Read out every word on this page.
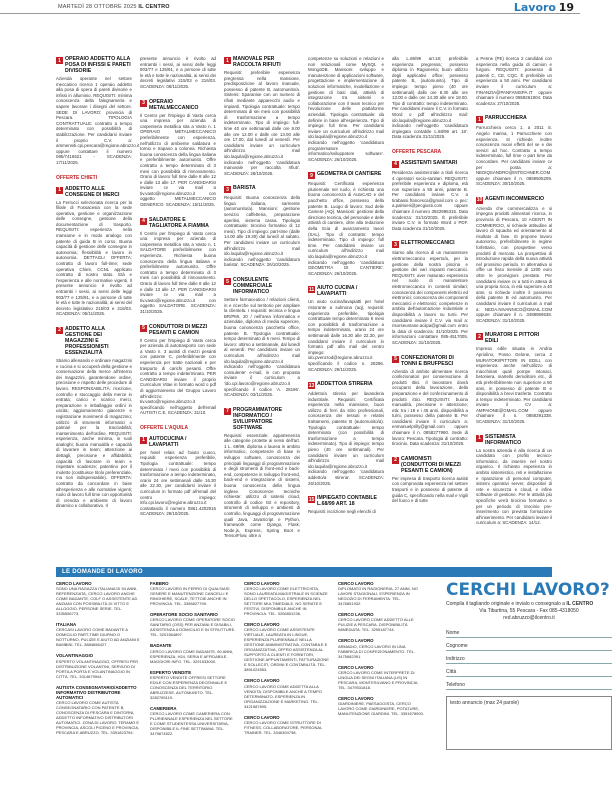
MARTEDÌ 28 OTTOBRE 2025 IL CENTRO	Lavoro 19
1 OPERAIO ADDETTO ALLA POSA DI INFISSI E PARETI DIVISORIE
Azienda operante nel settore meccanico ricerca 1 operaio addetto alla posa di opera di pareti divisorie e infissi in alluminio. REQUISITI: minima conoscenza della falegnameria e sapere lavorare i disegni del settore. SEDE DI LAVORO: provincia di Pescara. TIPOLOGIA CONTRATTUALE: contratto a tempo determinato con possibilità di stabilizzazione. Per candidarsi inviare il proprio C.V. a: ammenniti.cpi.pescara@regione.abruzzo.it oppure contattare il numero 085/7416521 - SCADENZA: 17/11/2025.
OFFERTE CHIETI
1 ADDETTO ALLE CONSEGNE DI MERCI
La Ferrucci selezionata ricerca per la filiale di Fossacesia con la sede operativa, gestione e organizzazione delle consegne, gestione della documentazione di trasporto. REQUISITI: esperienza nella mansione e in modo analogo con patente di guida B in corso. Buona capacità di gestione delle consegne in autonomia; flessibilità e lavoro in autonomia. DETTAGLI OFFERTA: contratto di lavoro full-time; sede operativa Chieti, CCNL applicato contratto di nostro stato. Età e l'esperienza e alle normative vigenti. Il presente annuncio è rivolto ad entrambi i sessi, ai sensi delle leggi 903/77 e 125/91, e a persone di tutte le età e tutte le nazionalità, ai sensi del decreto legislativo 215/03 e 216/03. SCADENZA: 05/11/2025.
2 ADDETTO ALLA GESTIONE DEI MAGAZZINI E PROFESSIONISTI ESSENZIALITÀ
Stiamo allenando e ordinare magazzini e cucina e si occuperà della gestione e conservazione della merce all'interno dei magazzini, garantendone ordine, precisione e rispetto delle procedure di lavoro. RESPONSABILITÀ: ricezione, controllo e stoccaggio della merce in entrata; carico e scarico merci, preparazione e imballaggio ordini in uscita; aggiornamento giacenze e registrazione movimenti di magazzino; utilizzo di strumenti informatici o palmari per la tracciabilità; mantenimento dell'ordine. REQUISITI: esperienza, anche minima, in ruoli analoghi; buona manualità e capacità di lavorare in team; attenzione ai dettagli, precisione e affidabilità; capacità di lavorare in team e rispettare scadenze; patentino per il muletto (costituisce titolo preferenziale, ma non indispensabile). OFFERTA: contratto da concordare in base all'esperienza e alle normative vigenti; ruolo di lavoro full time con opportunità di crescita e ambiente di lavoro dinamico e collaborativo. Il
presente annuncio è rivolto ad entrambi i sessi, ai sensi delle leggi 903/77 e 125/91, e a persone di tutte le età e tutte le nazionalità, ai sensi dei decreti legislativi 215/03 e 216/03. SCADENZA: 08/11/2025.
3 OPERAIO METALMECCANICO
Il Centro per l'impiego di Vasto cerca una impresa per azienda di carpenteria metallica sita a Vasto n. 1 OPERAIO METALMECCANICO preferibilmente con esperienza, nell'utilizzo di ambiente saldatura e tornio e trapano a colonna. Richiesta buona conoscenza della lingua italiana e preferibilmente automunito. Offre contratto a tempo determinato di 3 mesi con possibilità di rinnovamento. Orario di lavoro full time dalle 8 alle 12 e dalle 13 alle 17. PER CANDIDARSI inviare cv via mail a tiv.vasto@regione.abruzzo.it con oggetto METALMECCANICO GENERICO. SCADENZA: 15/11/2025.
4 SALDATORE E TAGLIATORE A FIAMMA
Il Centro per l'impiego di Vasto cerca una impresa per azienda di carpenteria metallica sita a Vasto n. 1 SALDATORE preferibilmente con esperienza. Richiesta buona conoscenza della lingua italiana e preferibilmente automunito. Offre contratto a tempo determinato di 3 mesi con possibilità di rinnovamento. Orario di lavoro full time dalle 8 alle 12 e dalle 13 alle 17. PER CANDIDARSI inviare cv via mail a tiv.vasto@regione.abruzzo.it con oggetto SALDATORE. SCADENZA: 31/10/2025.
5 CONDUTTORI DI MEZZI PESANTI E CAMION
Il Centro per l'impiego di Vasto cerca per azienda di autotrasporto con sede a Vasto n. 3 autisti di mezzi pesanti con patente C, preferibilmente con esperienza per tratte nazionali e per trasporto di carichi pesanti. Offre contratto a tempo indeterminato. PER CANDIDARSI inviare il proprio Curriculum Vitae in formato word o pdf di aggiornamento del Gruppo Lavoro all'indirizzo: tiv.vasto@regione.abruzzo.it specificando nell'oggetto dell'email AUTISTI C.E. SCADENZA: 31/10.
OFFERTE L'AQUILA
1 AUTOCUCINA / LAVAPIATTI
per hotel relais ad l'aiuto cuoco, requisiti: esperienza preferibile, Tipologia contrattuale: tempo determinato / mesi con possibilità di trasformazione a tempo indeterminato, orario 24 ore settimanali dalle 16.30 alle 22.30, per candidarsi inviare il curriculum in formato pdf all'email del centro impiego: info.cpi.lavoro@regione.abruzzo.it contattando il numero 0861.4202916 SCADENZA: 29/10/2025.
1 MANOVALE PER RACCOLTA RIFIUTI
Requisiti: preferibile esperienza pregressa nella mansione, predisposizione al lavoro manuale, possesso di patente B, automunito/a. Sistemi: Sparanise con un numero di rifiuti mediante apparecchi audio e impianti. Tipologia contrattuale: tempo determinato di sei mesi con possibilità di trasformazione a tempo indeterminato. Tipo di impiego: full-time 40 ore settimanali dalle ore 8.00 alle ore 12.00 e dalle ore 13.00 alle ore 17.00, dal lunedì al venerdì. Per candidarsi inviare un curriculum all'indirizzo mail ido.laquila@regione.abruzzo.it indicando nell'oggetto 'candidatura manovale per raccolta rifiuti'. SCADENZA: 28/10/2025.
3 BARISTA
Requisiti: Buona conoscenza della lingua italiana, sarmente (automunito/a). Mansioni: gestione servizio caffetteria, preparazione aperitivi, sistema cassa. Tipologia contrattuale: tirocinio formativo di 12 mesi). Tipo di impiego: part-time (dalle 14.00 alle 19.30) dal lunedì al sabato. Per candidarsi inviare un curriculum all'indirizzo mail ido.laquila@regione.abruzzo.it indicando nell'oggetto 'candidatura barista'. SCADENZA: 26/10/2025.
5 CONSULENTE COMMERCIALE INFORMATICO
Settore farmaceutico / relazioni clienti, in e ricerche sul territorio per ampliare la clientela. I requisiti: tecnica e lingua BR/PMI. 20 / nell'area informatica e aziendale, diploma di media superiore, buona conoscenza pacchetto office, patente B. Tipologia contrattuale: tempo determinato di 6 mesi. Tempo di lavoro: ottimo a settimanale, dal lunedì al venerdì. Per candidarsi inviare un curriculum all'indirizzo mail ido.laquila@regione.abruzzo.it indicando nell'oggetto 'candidatura consulente' e-mail, in con proposta inviare il curriculum a 'ido.cpi.lavoro@regione.abruzzo.it specificando il codice 'A. 28196'. SCADENZA: 03/11/2025.
7 PROGRAMMATORE INFORMATICO / SVILUPPATORE SOFTWARE
Requisiti: essenziale: appartenenza alle categorie protette ai sensi dell'art. 1 L. 68/99, diploma o laurea in ambito informatico, competenze di base in sviluppo software, conoscenza dei principali linguaggi di programmazione e degli strumenti di front-end e back-end, competenze in sviluppo front-end, back-end e integrazione di sistemi, buona conoscenza della lingua inglese. Conoscenze tecniche richieste: utilizzo di sistemi cloud, controllo di codice Git e repository, strumenti di sviluppo e ambienti di controllo, linguaggi di programmazione quali Java, JavaScript e Python, framework come Django, Flask, Node.js, Express, Spring Boot e TensorFlow, oltre a
competenze su soluzioni e relazioni e non relazionali come MySQL e MongoDB. Mansioni: sviluppo e manutenzione di applicazioni software, progettazione e implementazione di soluzioni informatiche, modellazione e gestione di basi dati, attività di integrazione tra sistemi e collaborazione con il team tecnico per l'evoluzione delle piattaforme aziendali. Tipologia contrattuale: da definire in base all'esperienza. Tipo di impiego: full time. Per candidarsi inviare un curriculum all'indirizzo mail ido.laquila@regione.abruzzo.it indicando nell'oggetto 'candidatura programmatore informatico/sviluppatore software'. SCADENZA: 26/10/2025.
9 GEOMETRA DI CANTIERE
Requisiti: Certificata esperienza pluriennale nel ruolo, è richiesta una buona conoscenza di AutoCAD e del pacchetto office, possesso della patente B. Luogo di lavoro: Sud delle Camere (AQ). Mansioni: gestione della direzione tecnica, del personale e delle attività di cantiere, oltre alla redazione della Scia di avanzamento lavori (SAL). Tipo di contratto: tempo indeterminato. Tipo di impiego: full time. Per candidarsi inviare un curriculum all'indirizzo mail ido.laquila@regione.abruzzo.it indicando nell'oggetto 'candidatura GEOMETRA DI CANTIERE'. SCADENZA: 26/10/2025.
11 AIUTO CUCINA / LAVAPIATTI
Un aiuto cucina/lavapiatti per hotel ristorante a sulmona (aq), requisiti: esperienza preferibile, tipologia contrattuale tempo determinato 6 mesi con possibilità di trasformazione a tempo indeterminato, orario 24 ore settimanali dalle 16.30 alle 22.30, per candidarsi inviare il curriculum in formato pdf alla mail del centro impiego: ido.pvenzrod@regione.abruzzo.it specificando il codice n. 28296. SCADENZA: 29/11/2025.
13 ADDETTO/A STIRERIA
Addetto/a stireria per lavanderia industriale. Requisiti: Certificata esperienza nella mansione, buon utilizzo di ferri da stiro professionali, conoscenza dei tessuti e relativi trattamenti, patente B (automunito/a). Tipologia contrattuale: tempo determinato (con possibilità di trasformazione a tempo indeterminato). Tipo di impiego: tempo pieno (40 ore settimanali). Per candidarsi inviare un curriculum all'indirizzo mail ido.laquila@regione.abruzzo.it indicando nell'oggetto 'candidatura addetto/a stireria'. SCADENZA: 26/10/2025.
15 IMPIEGATO CONTABILE L.68/99 ART. 18
Requisiti: iscrizione negli elenchi di
alla L.68/99 art.18; preferibile esperienza pregressa; possesso diploma in Ragioneria; buon utilizzo degli applicativi office; possesso patente B, (automunito). Tipo di impiego: tempo pieno (40 ore settimanali) dalle ore 8.30 alle ore 13.00 e dalle ore 14.30 alle ore 18.00. Tipo di contratto: tempo indeterminato. Per candidarsi inviare il C.V. in formato Word o pdf all'indirizzo mail: ido.laquila@regione.abruzzo.it indicando nell'oggetto 'candidatura impiegato contabile L.68/99 art. 18'. Data scadenza 31/11/2025.
OFFERTE PESCARA
4 ASSISTENTI SANITARI
Residenza assistenziale a titoli ricerca 4 operatori socio-sanitari. REQUISITI: preferibile esperienza e diploma, età non superiore a 55 anni, patente B. Per candidarsi inviare C.V. a tirabassi.francesca@gmail.com o pec: a.palmieri@pecgiusti.com oppure chiamare il numero 3922995315. Data scadenza: 31/10/2025. È preferibile inviare C.V. in formato Word o PDF. Data scadenza 31/10/2025.
3 ELETTROMECCANICI
Siamo alla ricerca di un manutentore elettromeccanico esperto/a, per la gestione della nostra piscina e gestione dei vari impianti meccanici. REQUISITI: aver maturato esperienza nel ruolo di manutentore elettromeccanico in contesti similari; conoscenza dei componenti elettrici ed elettronici; conoscenza dei componenti meccanici e elettronici; competenze in ambito dell'automazione industriale e disponibilità a lavoro su turni. Per candidarsi inviare il C.V. via mail a: risorseumane.aciipa@gmail.com entro la data di scadenza: 31/10/2025. Per informazioni contattare 085-4517005. SCADENZA: 31/10/2025.
5 CONFEZIONATORI DI TONNI E BRUFPESCI
Azienda di ambito alimentare ricerca confezionatori per conservazione di prodotti ittici. Il lavoratore dovrà occuparsi della lavorazione, della preparazione e del confezionamento di prodotti ittici. REQUISITI: buona manualità, precisione e attenzione; età: tra i 18 e i 45 anni, disponibilità a turni, possesso della patente B. Per candidarsi inviare il curriculum a: enmanuelprilly@gmail.com oppure chiamare il n. 0858277990. Sede di lavoro: Pescara. Tipologia di contratto: tirocinio. Data scadenza: 31/10/2025.
2 CAMIONISTI (CONDUTTORI DI MEZZI PESANTI E CAMION)
Per impresa di trasporto ricerca autisti con comprovata esperienza nel settore trasporti e in possesso di patente di guida C, specificando nella mail e Vigili del fuoco e di tutte
a Penne (PE) ricerca 2 candidati con esperienza nella guida di camion e furgoni. REQUISITI: possesso di patenti C, CE, CQC. È preferibile un esperienza a 50 anni. Per candidarsi inviare il curriculum a: FINANZIA@PANFANISPA.IT oppure chiamare il numero 0858261904. Data scadenza: 27/10/2025.
1 PARRUCCHIERA
Parrucchiera cerca 1, a 2011 S. Angelo marina, 1 Parrucchiere con esperienza. Si richiede inoltre conoscenza nuovi effetti del se e dei servizi ad hoc. Contratto a tempo indeterminato, full time o part time da concordare. Per candidarsi inviare cv per posta a: NEDIQSANDRO@INTECHNER.COM oppure chiamare il n. 0859505209. SCADENZA: 30/10/2025.
10 AGENTI INCOMMERCIO
Azienda che commercializza e si impegna prodotti alimentari ricerca, in provincia di Pescara, 10 AGENTI IN COMMERCIO, si richiede attitudine al lavoro di squadra ed orientamento al risultato di fase. Si propone lavoro autonomo, preferibilmente in regime forfettario, con prospettive verso prodotti di mercato. La prospettiva di introduzione rapida della nuova attività nel prossimo periodo. In alternativa si offre un fisso mensile di 1200 euro oltre le provvigioni prestate. Per candidarsi inviare cv a tutti in attesa di una propria ricca, in età superiore a 40 anni, si richiede inoltre il possesso della patente B ed automunito. Per candidarsi inviare il curriculum a mail a: NEDA.NIVANNICO@GMAIL.COM oppure chiamare il n. 3488959638. SCADENZA: 31/10/2025.
2 MURATORI E PITTORI EDILI
Impresa edile situata in Andria Apriolino, Posso Gelone, cerca 2 MURATORI/PITTORI IN EDILI, con esperienza anche nell'utilizzo di macchinari quali pompe intonaci, betoniera, martello demolitore etc., di età preferibilmente non superiore a 50 anni, in possesso di patente B e disponibilità a brevi trasferte. Contratto a tempo indeterminato. Per candidarsi inviare il CV a: AMPAIONE@GMAIL.COM oppure chiamare il n. 0858291338. SCADENZA: 31/10/2025.
1 SISTEMISTA INFORMATICO
La nostra azienda è alla ricerca di un candidato con profilo tecnico-informatico, da inserire nel nostro organico. Il richiesto esperienza in ambito sistemistico, reti e installazione e riparazione di personal computer, sistemi operativi server, dispositivi di rete e sicurezza e cloud, e infine software di gestione. Per le attività più specifiche verrà tirocinio formativo e per un periodo di tirocinio pre-inserimento con prevista formazione all'inserimento. Per candidarsi inviare il curriculum a: SCADENZA: 14/12.
LE DOMANDE DI LAVORO
CERCO LAVORO
SONO UNA RAGAZZA ITALIANA DI 54 ANNI, REFERENZIATA, CERCO LAVORO ANCHE COME BADANTE, COLF O ASSISTENTE AD ANZIANI CON POSSIBILITÀ DI VITTO E ALLOGGIO. PERSONE SERIE. TEL. 3335556773.
ITALIANA
CERCASI LAVORO COME BADANTE A DOMICILIO PART-TIME DIURNO O NOTTURNO, PULIZIE E AIUTO AD ANZIANI E BAMBINI. TEL. 3884656427.
VOLANTINAGGIO
ESPERTO VOLANTINAGGIO, OFFRESI PER DISTRIBUZIONE VOLANTINI, SERVIZIO DI PORTA A PORTA E VOLANTINAGGIO IN CITTÀ. TEL. 3314879944.
AUTISTA CONSEGNATARIO/ADDETTO INFORMATIVO DISTRIBUTORE AUTOMATICI
CERCO LAVORO COME AUTISTA CONSEGNATARIO CON PATENTE B, CONOSCENZA DI PESCARA E DINTORNI, ADDETTO INFORMATIVO DISTRIBUTORI AUTOMATICI. ZONA DI LAVORO: TERAMO E PROVINCIA, ASCOLI PICENO E PROVINCIA, PESCARA E ABRUZZO. TEL. 3391823794.
FABBRO
CERCO LAVORO IN FERRO DI QUALSIASI GENERE E MANUTENZIONE CANCELLI E RINGHIERE, SCALE, TETTOIE ANCHE IN PROVINCIA. TEL. 3398827799.
OPERATORE SOCIO SANITARIO
CERCO LAVORO COME OPERATORE SOCIO SANITARIO (OSS) PER ANZIANI E DISABILI, ASSISTENZA A DOMICILIO E IN STRUTTURE. TEL. 3201564897.
BADANTE
CERCO LAVORO COME BADANTE, 60 ANNI, ESPERIENZA, H24, SERIA E AFFIDABILE, MAGGIORI INFO. TEL. 3291533000.
ESPERTO VENDITE
ESPERTO VENDITE OFFRESI SETTORE EDILE CON ESPERIENZA DECENNALE E CONOSCENZA DEL TERRITORIO ABRUZZESE. AUTOMUNITO. TEL. 3282765119.
CAMERIERA
CERCO LAVORO COME CAMERIERA CON PLURIENNALE ESPERIENZA NEL SETTORE E COME STUDENTESSA UNIVERSITARIA, DISPONIBILE IL FINE SETTIMANA. TEL. 3479874522.
CERCO LAVORO
CERCO LAVORO COME ELETTRICISTA, SONO LAUREATA MAGISTRALE IN SCIENZE DELLO SPETTACOLO, ESPERIENZA NEL SETTORE MULTIMEDIALE, NO SERATE E FESTIVI, DISPONIBILE ANCHE IN PROVINCIA. TEL. 3206851236.
CERCO LAVORO
CERCO LAVORO COME ASSISTENTE VIRTUALE, LAUREATA IN LINGUE, ESPERIENZA PLURIENNALE NELLA GESTIONE AMMINISTRATIVA, CONTABILE E ORGANIZZATIVA, OFFRO ASSISTENZA AL SUPPORTO A CLIENTI E FORNITORI, GESTIONE APPUNTAMENTI, FATTURAZIONE E SOLLECITI, ORDINI E CONTABILITÀ. TEL. 3891024553.
CERCO LAVORO
CERCO LAVORO COME ADDETTA ALLA VENDITA, DISPONIBILE ANCHE A TEMPO DETERMINATO, ESPERIENZA IN ORGANIZZAZIONE E MARKETING. TEL. 3421587695.
CERCO LAVORO
CERCO LAVORO COME ISTRUTTORE DI FITNESS, COLLABORATORE, PERSONAL TRAINER. TEL. 3346394798.
CERCO LAVORO
DIPLOMATO IN RAGIONERIA, 27 ANNI, NO LAVORI STAGIONALI, ESPERIENZA IN NEGOZIO DI FERRAMENTA. TEL. 3476851932.
CERCO LAVORO
CERCO LAVORO COME ADDETTO ALLE PULIZIE A PESCARA. DISPONIBILITÀ IMMEDIATA. TEL. 3295187744.
CERCO LAVORO
ARMADIO, CERCO LAVORO IN UNA FABBRICA DI CONFEZIONAMENTO. TEL. 3475682391.
CERCO LAVORO
CERCO LAVORO COME INTERPRETE DI LINGUA DEI SEGNI ITALIANA (LIS) IN PESCARA, MONTESILVANO E PROVINCIA. TEL. 3479531818.
CERCO LAVORO
GIARDINIERE, PAESAGGISTA, CERCO LAVORO COME GIARDINIERE, POTATURE, MANUTENZIONE GIARDINI. TEL. 3391678900.
CERCHI LAVORO?
Compila il tagliando originale e invialo o consegnalo a IL CENTRO
Via Tiburtina, 55 Pescara - Fax 085-4318050
red.abruzzo@ilcentro.it
Nome
Cognome
Indirizzo
Città
Telefono
testo annuncio (max 24 parole)
